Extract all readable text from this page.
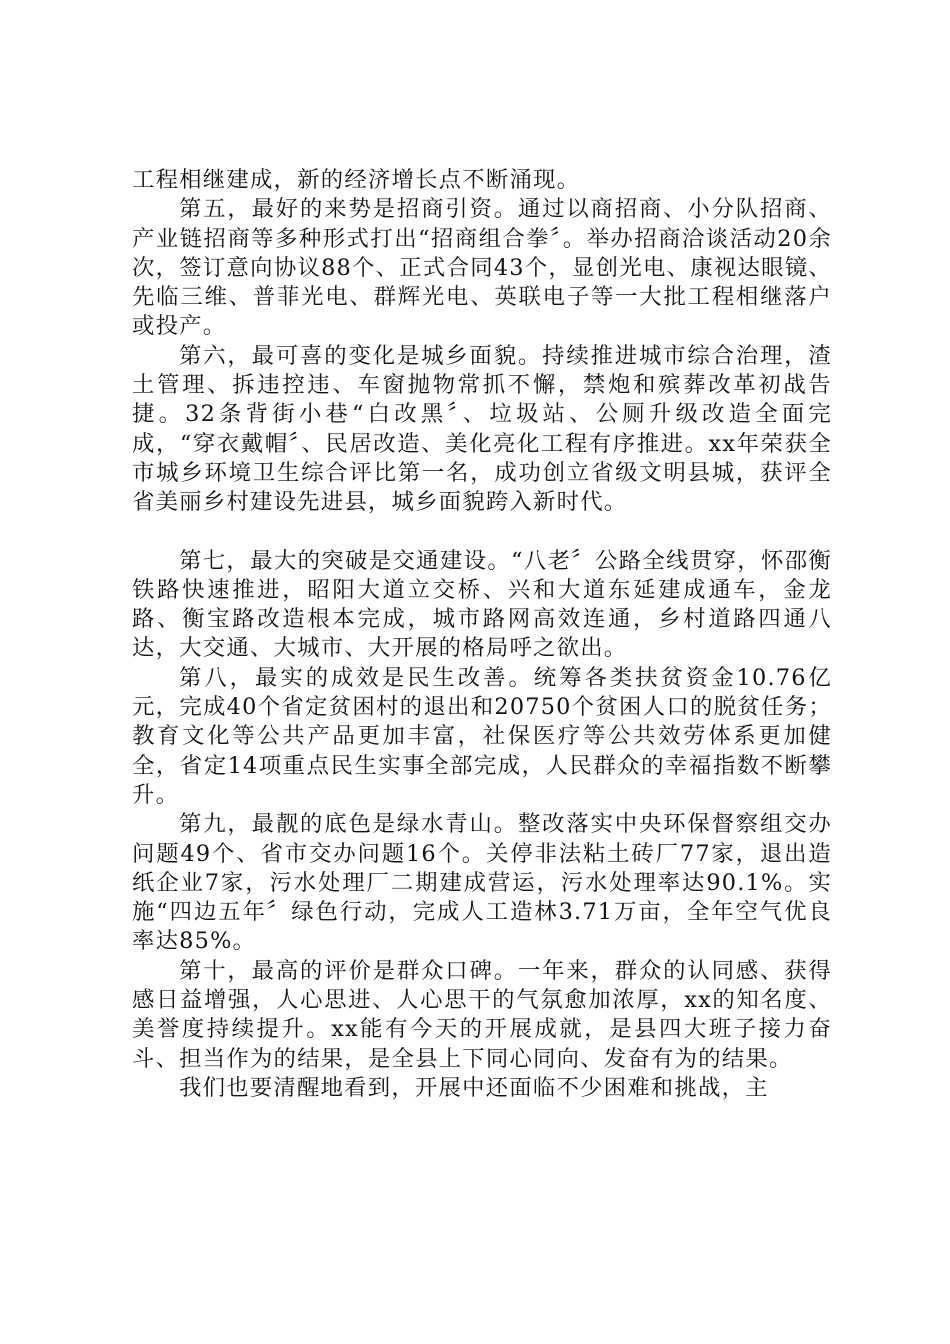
工程相继建成，新的经济增长点不断涌现。

第五，最好的来势是招商引资。通过以商招商、小分队招商、产业链招商等多种形式打出“招商组合拳〞。举办招商洽谈活动20余次，签订意向协议88个、正式合同43个，显创光电、康视达眼镜、先临三维、普菲光电、群辉光电、英联电子等一大批工程相继落户或投产。

第六，最可喜的变化是城乡面貌。持续推进城市综合治理，渣土管理、拆违控违、车窗抛物常抓不懈，禁炮和殡葬改革初战告捷。32条背街小巷“白改黑〞、垃圾站、公厕升级改造全面完成，“穿衣戴帽〞、民居改造、美化亮化工程有序推进。xx年荣获全市城乡环境卫生综合评比第一名，成功创立省级文明县城，获评全省美丽乡村建设先进县，城乡面貌跨入新时代。

第七，最大的突破是交通建设。“八老〞公路全线贯穿，怀邵衡铁路快速推进，昭阳大道立交桥、兴和大道东延建成通车，金龙路、衡宝路改造根本完成，城市路网高效连通，乡村道路四通八达，大交通、大城市、大开展的格局呼之欲出。

第八，最实的成效是民生改善。统筹各类扶贫资金10.76亿元，完成40个省定贫困村的退出和20750个贫困人口的脱贫任务；教育文化等公共产品更加丰富，社保医疗等公共效劳体系更加健全，省定14项重点民生实事全部完成，人民群众的幸福指数不断攀升。

第九，最靓的底色是绿水青山。整改落实中央环保督察组交办问题49个、省市交办问题16个。关停非法粘土砖厂77家，退出造纸企业7家，污水处理厂二期建成营运，污水处理率达90.1%。实施“四边五年〞绿色行动，完成人工造林3.71万亩，全年空气优良率达85%。

第十，最高的评价是群众口碑。一年来，群众的认同感、获得感日益增强，人心思进、人心思干的气氛愈加浓厚，xx的知名度、美誉度持续提升。xx能有今天的开展成就，是县四大班子接力奋斗、担当作为的结果，是全县上下同心同向、发奋有为的结果。

我们也要清醒地看到，开展中还面临不少困难和挑战，主
